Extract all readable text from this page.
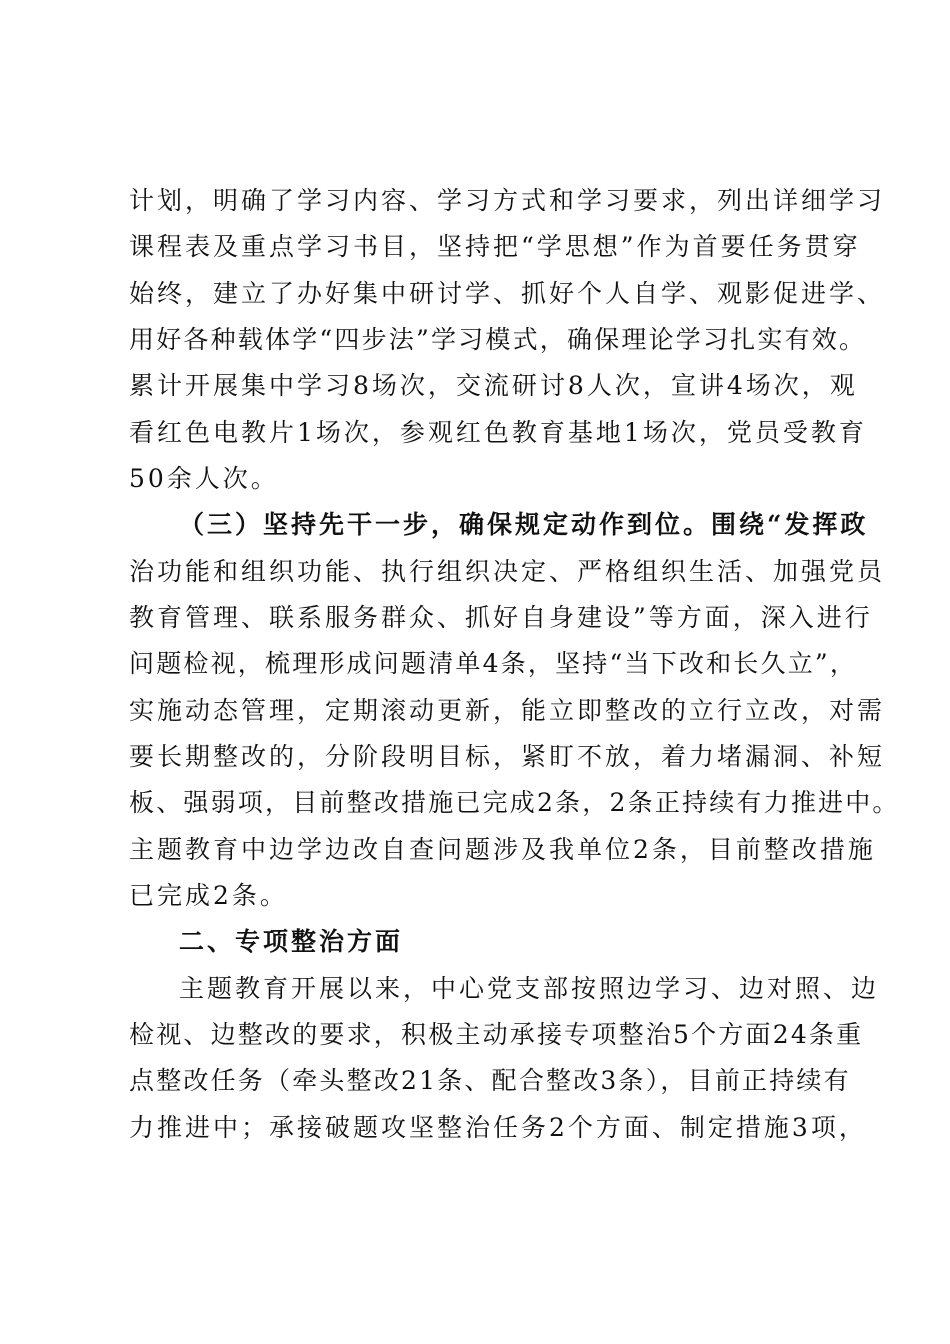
计划，明确了学习内容、学习方式和学习要求，列出详细学习
课程表及重点学习书目，坚持把“学思想”作为首要任务贯穿
始终，建立了办好集中研讨学、抓好个人自学、观影促进学、
用好各种载体学“四步法”学习模式，确保理论学习扎实有效。
累计开展集中学习8场次，交流研讨8人次，宣讲4场次，观
看红色电教片1场次，参观红色教育基地1场次，党员受教育
50余人次。
（三）坚持先干一步，确保规定动作到位。围绕“发挥政
治功能和组织功能、执行组织决定、严格组织生活、加强党员
教育管理、联系服务群众、抓好自身建设”等方面，深入进行
问题检视，梳理形成问题清单4条，坚持“当下改和长久立”，
实施动态管理，定期滚动更新，能立即整改的立行立改，对需
要长期整改的，分阶段明目标，紧盯不放，着力堵漏洞、补短
板、强弱项，目前整改措施已完成2条，2条正持续有力推进中。
主题教育中边学边改自查问题涉及我单位2条，目前整改措施
已完成2条。
二、专项整治方面
主题教育开展以来，中心党支部按照边学习、边对照、边
检视、边整改的要求，积极主动承接专项整治5个方面24条重
点整改任务（牵头整改21条、配合整改3条），目前正持续有
力推进中；承接破题攻坚整治任务2个方面、制定措施3项，
